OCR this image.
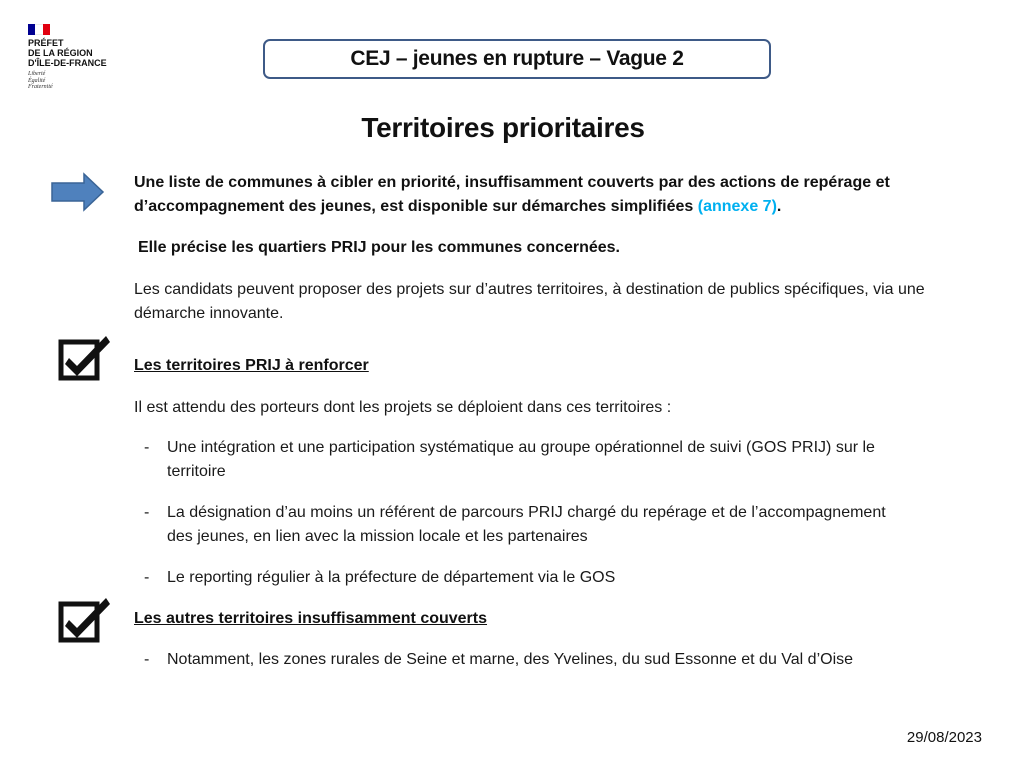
PRÉFET
DE LA RÉGION
D'ÎLE-DE-FRANCE
Liberté
Égalité
Fraternité
CEJ – jeunes en rupture – Vague 2
Territoires prioritaires
Une liste de communes à cibler en priorité, insuffisamment couverts par des actions de repérage et d’accompagnement des jeunes, est disponible sur démarches simplifiées (annexe 7).
Elle précise les quartiers PRIJ pour les communes concernées.
Les candidats peuvent proposer des projets sur d’autres territoires, à destination de publics spécifiques, via une démarche innovante.
Les territoires PRIJ à renforcer
Il est attendu des porteurs dont les projets se déploient dans ces territoires :
- Une intégration et une participation systématique au groupe opérationnel de suivi (GOS PRIJ) sur le territoire
- La désignation d’au moins un référent de parcours PRIJ chargé du repérage et de l’accompagnement des jeunes, en lien avec la mission locale et les partenaires
- Le reporting régulier à la préfecture de département via le GOS
Les autres territoires insuffisamment couverts
- Notamment, les zones rurales de Seine et marne, des Yvelines, du sud Essonne et du Val d’Oise
29/08/2023
